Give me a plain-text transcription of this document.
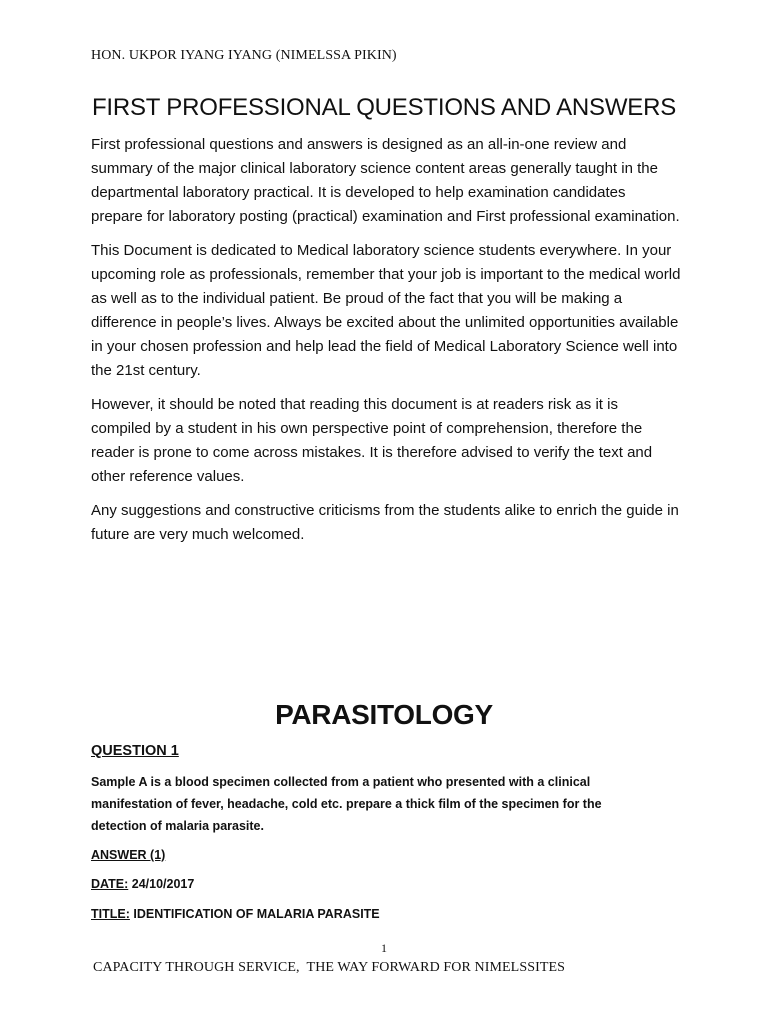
HON. UKPOR IYANG IYANG (NIMELSSA PIKIN)
FIRST PROFESSIONAL QUESTIONS AND ANSWERS

First professional questions and answers is designed as an all-in-one review and summary of the major clinical laboratory science content areas generally taught in the departmental laboratory practical. It is developed to help examination candidates prepare for laboratory posting (practical) examination and First professional examination.

This Document is dedicated to Medical laboratory science students everywhere. In your upcoming role as professionals, remember that your job is important to the medical world as well as to the individual patient. Be proud of the fact that you will be making a difference in people’s lives. Always be excited about the unlimited opportunities available in your chosen profession and help lead the field of Medical Laboratory Science well into the 21st century.

However, it should be noted that reading this document is at readers risk as it is compiled by a student in his own perspective point of comprehension, therefore the reader is prone to come across mistakes. It is therefore advised to verify the text and other reference values.

Any suggestions and constructive criticisms from the students alike to enrich the guide in future are very much welcomed.

PARASITOLOGY
QUESTION 1

Sample A is a blood specimen collected from a patient who presented with a clinical manifestation of fever, headache, cold etc. prepare a thick film of the specimen for the detection of malaria parasite.

ANSWER (1)
DATE: 24/10/2017
TITLE: IDENTIFICATION OF MALARIA PARASITE
1
CAPACITY THROUGH SERVICE,  THE WAY FORWARD FOR NIMELSSITES
